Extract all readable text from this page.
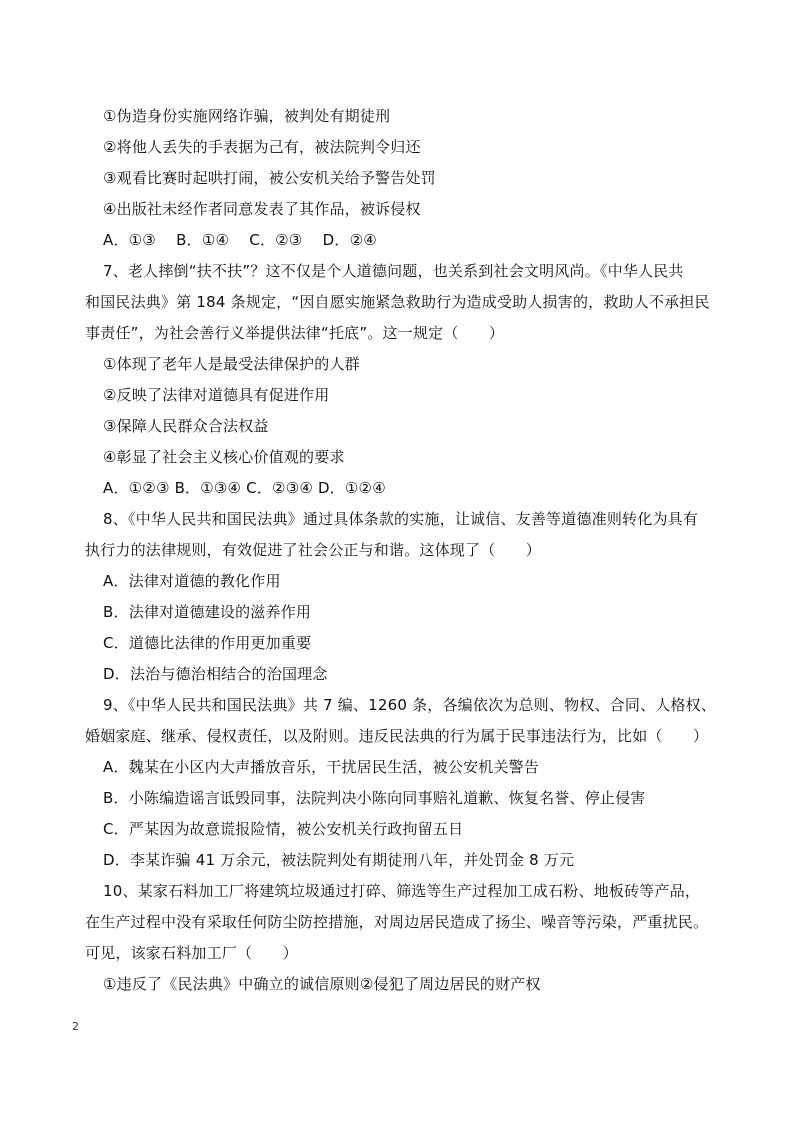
①伪造身份实施网络诈骗，被判处有期徒刑
②将他人丢失的手表据为己有，被法院判令归还
③观看比赛时起哄打闹，被公安机关给予警告处罚
④出版社未经作者同意发表了其作品，被诉侵权
A．①③　 B．①④　 C．②③　 D．②④
7、老人摔倒“扶不扶”？这不仅是个人道德问题，也关系到社会文明风尚。《中华人民共
和国民法典》第 184 条规定，“因自愿实施紧急救助行为造成受助人损害的，救助人不承担民
事责任”，为社会善行义举提供法律“托底”。这一规定（　　）
①体现了老年人是最受法律保护的人群
②反映了法律对道德具有促进作用
③保障人民群众合法权益
④彰显了社会主义核心价值观的要求
A．①②③ B．①③④ C．②③④ D．①②④
8、《中华人民共和国民法典》通过具体条款的实施，让诚信、友善等道德准则转化为具有
执行力的法律规则，有效促进了社会公正与和谐。这体现了（　　）
A．法律对道德的教化作用
B．法律对道德建设的滋养作用
C．道德比法律的作用更加重要
D．法治与德治相结合的治国理念
9、《中华人民共和国民法典》共 7 编、1260 条，各编依次为总则、物权、合同、人格权、
婚姻家庭、继承、侵权责任，以及附则。违反民法典的行为属于民事违法行为，比如（　　）
A．魏某在小区内大声播放音乐，干扰居民生活，被公安机关警告
B．小陈编造谣言诋毁同事，法院判决小陈向同事赔礼道歉、恢复名誉、停止侵害
C．严某因为故意谎报险情，被公安机关行政拘留五日
D．李某诈骗 41 万余元，被法院判处有期徒刑八年，并处罚金 8 万元
10、某家石料加工厂将建筑垃圾通过打碎、筛选等生产过程加工成石粉、地板砖等产品，
在生产过程中没有采取任何防尘防控措施，对周边居民造成了扬尘、噪音等污染，严重扰民。
可见，该家石料加工厂（　　）
①违反了《民法典》中确立的诚信原则②侵犯了周边居民的财产权
2
